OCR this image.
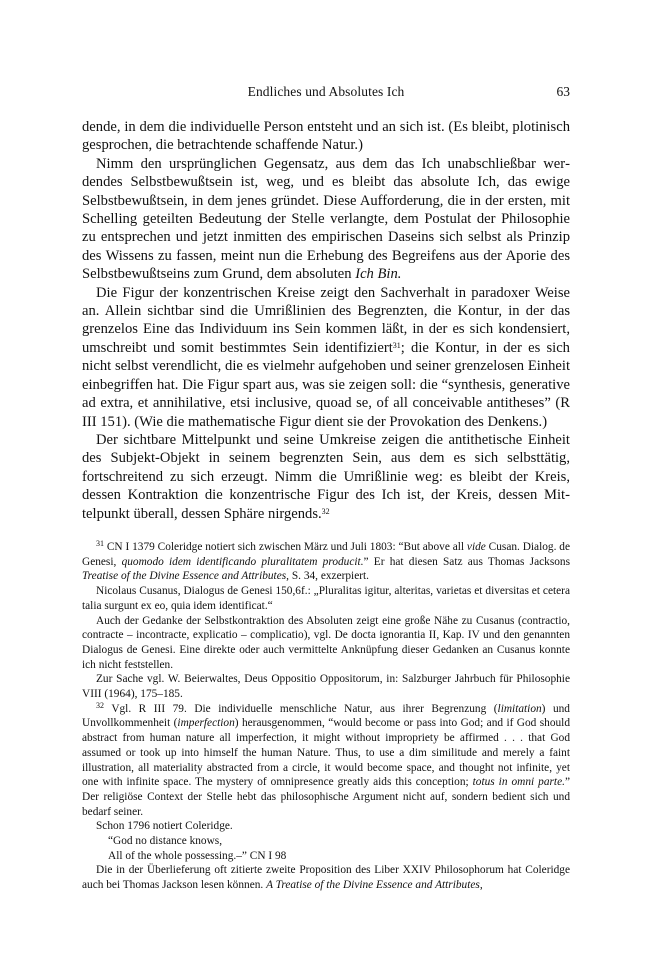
Endliches und Absolutes Ich	63

dende, in dem die individuelle Person entsteht und an sich ist. (Es bleibt, plotinisch gesprochen, die betrachtende schaffende Natur.)

Nimm den ursprünglichen Gegensatz, aus dem das Ich unabschließbar werdendes Selbstbewußtsein ist, weg, und es bleibt das absolute Ich, das ewige Selbstbewußtsein, in dem jenes gründet. Diese Aufforderung, die in der ersten, mit Schelling geteilten Bedeutung der Stelle verlangte, dem Postulat der Philosophie zu entsprechen und jetzt inmitten des empirischen Daseins sich selbst als Prinzip des Wissens zu fassen, meint nun die Erhebung des Begreifens aus der Aporie des Selbstbewußtseins zum Grund, dem absoluten Ich Bin.

Die Figur der konzentrischen Kreise zeigt den Sachverhalt in paradoxer Weise an. Allein sichtbar sind die Umrißlinien des Begrenzten, die Kontur, in der das grenzelos Eine das Individuum ins Sein kommen läßt, in der es sich kondensiert, umschreibt und somit bestimmtes Sein identifiziert$^{31}$; die Kontur, in der es sich nicht selbst verendlicht, die es vielmehr aufgehoben und seiner grenzelosen Einheit einbegriffen hat. Die Figur spart aus, was sie zeigen soll: die “synthesis, generative ad extra, et annihilative, etsi inclusive, quoad se, of all conceivable antitheses” (R III 151). (Wie die mathematische Figur dient sie der Provokation des Denkens.)

Der sichtbare Mittelpunkt und seine Umkreise zeigen die antithetische Einheit des Subjekt-Objekt in seinem begrenzten Sein, aus dem es sich selbsttätig, fortschreitend zu sich erzeugt. Nimm die Umrißlinie weg: es bleibt der Kreis, dessen Kontraktion die konzentrische Figur des Ich ist, der Kreis, dessen Mittelpunkt überall, dessen Sphäre nirgends.$^{32}$

$^{31}$ CN I 1379 Coleridge notiert sich zwischen März und Juli 1803: “But above all vide Cusan. Dialog. de Genesi, quomodo idem identificando pluralitatem producit.” Er hat diesen Satz aus Thomas Jacksons Treatise of the Divine Essence and Attributes, S. 34, exzerpiert.

Nicolaus Cusanus, Dialogus de Genesi 150,6f.: „Pluralitas igitur, alteritas, varietas et diversitas et cetera talia surgunt ex eo, quia idem identificat.“

Auch der Gedanke der Selbstkontraktion des Absoluten zeigt eine große Nähe zu Cusanus (contractio, contracte – incontracte, explicatio – complicatio), vgl. De docta ignorantia II, Kap. IV und den genannten Dialogus de Genesi. Eine direkte oder auch vermittelte Anknüpfung dieser Gedanken an Cusanus konnte ich nicht feststellen.

Zur Sache vgl. W. Beierwaltes, Deus Oppositio Oppositorum, in: Salzburger Jahrbuch für Philosophie VIII (1964), 175–185.

$^{32}$ Vgl. R III 79. Die individuelle menschliche Natur, aus ihrer Begrenzung (limitation) und Unvollkommenheit (imperfection) herausgenommen, “would become or pass into God; and if God should abstract from human nature all imperfection, it might without impropriety be affirmed . . . that God assumed or took up into himself the human Nature. Thus, to use a dim similitude and merely a faint illustration, all materiality abstracted from a circle, it would become space, and thought not infinite, yet one with infinite space. The mystery of omnipresence greatly aids this conception; totus in omni parte.” Der religiöse Context der Stelle hebt das philosophische Argument nicht auf, sondern bedient sich und bedarf seiner.

Schon 1796 notiert Coleridge.

“God no distance knows,

All of the whole possessing.–” CN I 98

Die in der Überlieferung oft zitierte zweite Proposition des Liber XXIV Philosophorum hat Coleridge auch bei Thomas Jackson lesen können. A Treatise of the Divine Essence and Attributes,
